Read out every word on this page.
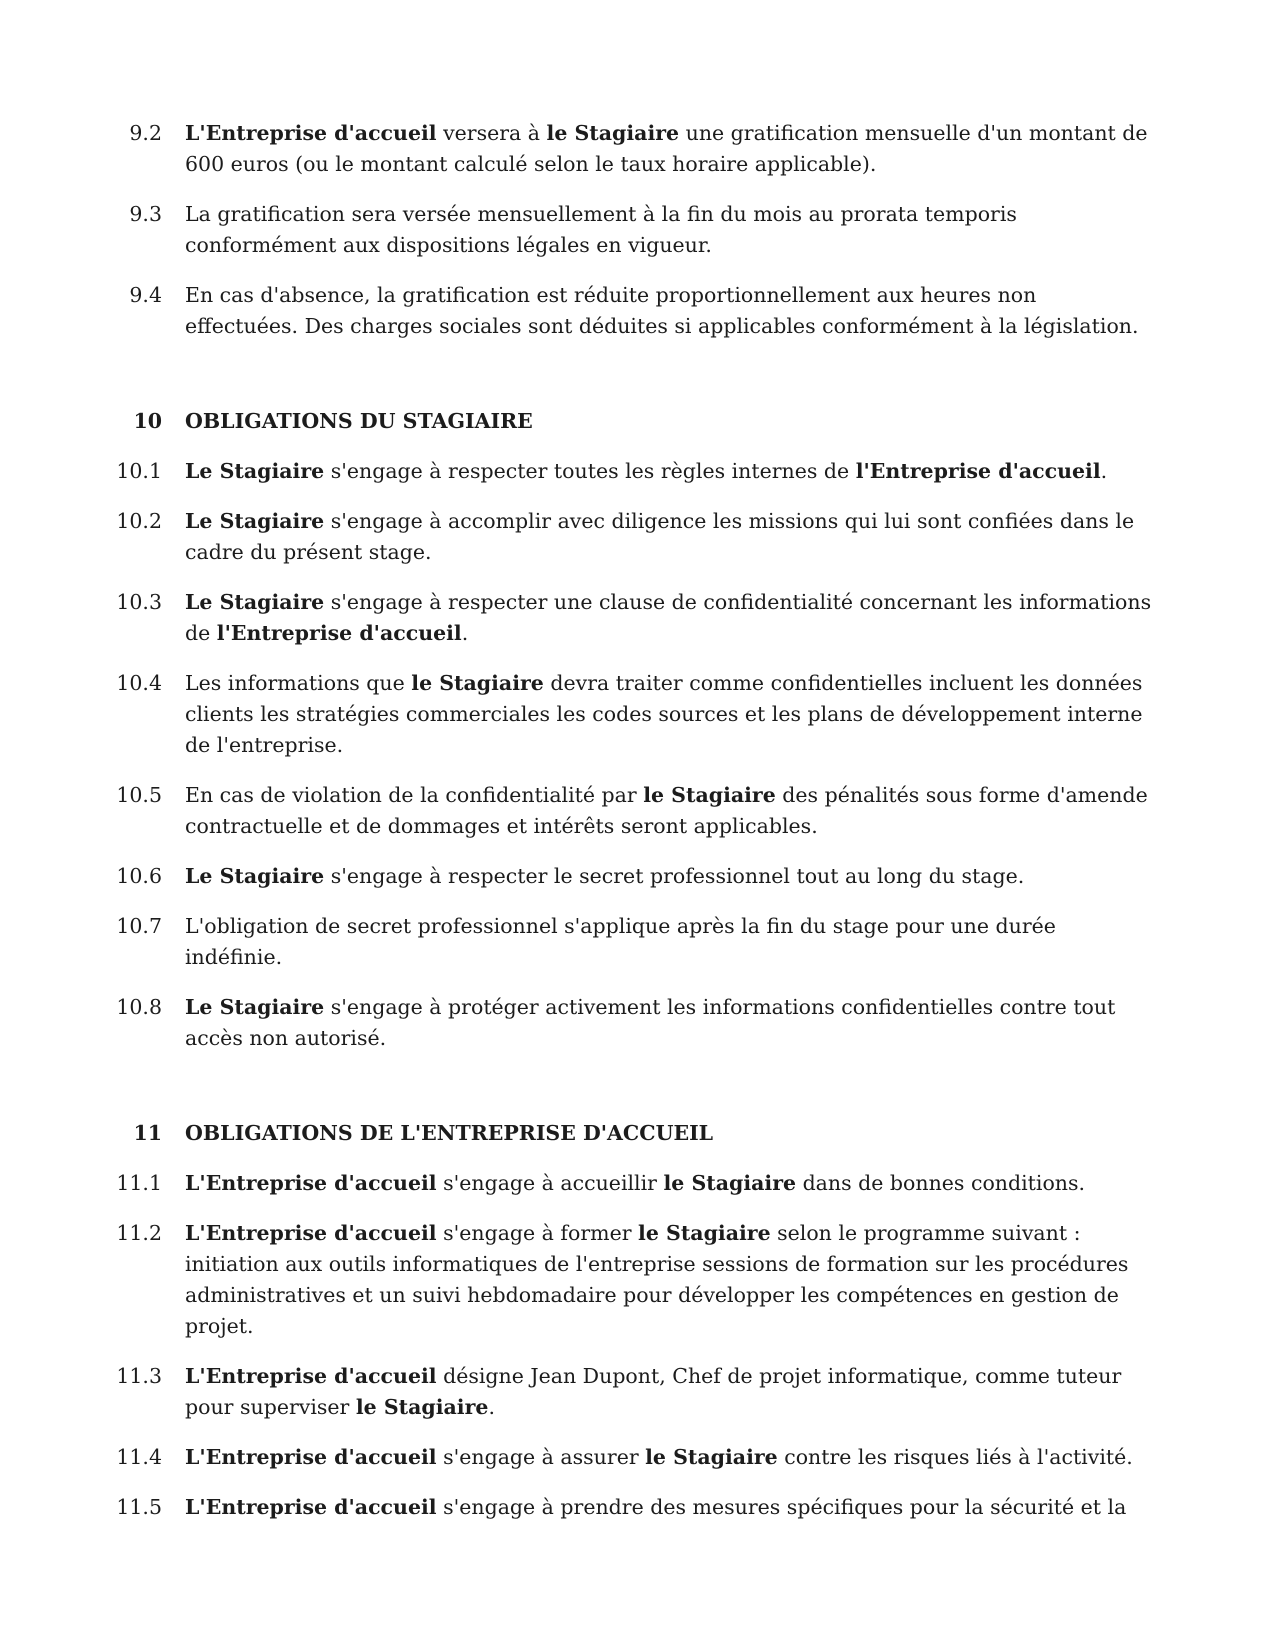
9.2	L'Entreprise d'accueil versera à le Stagiaire une gratification mensuelle d'un montant de 600 euros (ou le montant calculé selon le taux horaire applicable).
9.3	La gratification sera versée mensuellement à la fin du mois au prorata temporis conformément aux dispositions légales en vigueur.
9.4	En cas d'absence, la gratification est réduite proportionnellement aux heures non effectuées. Des charges sociales sont déduites si applicables conformément à la législation.
10	OBLIGATIONS DU STAGIAIRE
10.1	Le Stagiaire s'engage à respecter toutes les règles internes de l'Entreprise d'accueil.
10.2	Le Stagiaire s'engage à accomplir avec diligence les missions qui lui sont confiées dans le cadre du présent stage.
10.3	Le Stagiaire s'engage à respecter une clause de confidentialité concernant les informations de l'Entreprise d'accueil.
10.4	Les informations que le Stagiaire devra traiter comme confidentielles incluent les données clients les stratégies commerciales les codes sources et les plans de développement interne de l'entreprise.
10.5	En cas de violation de la confidentialité par le Stagiaire des pénalités sous forme d'amende contractuelle et de dommages et intérêts seront applicables.
10.6	Le Stagiaire s'engage à respecter le secret professionnel tout au long du stage.
10.7	L'obligation de secret professionnel s'applique après la fin du stage pour une durée indéfinie.
10.8	Le Stagiaire s'engage à protéger activement les informations confidentielles contre tout accès non autorisé.
11	OBLIGATIONS DE L'ENTREPRISE D'ACCUEIL
11.1	L'Entreprise d'accueil s'engage à accueillir le Stagiaire dans de bonnes conditions.
11.2	L'Entreprise d'accueil s'engage à former le Stagiaire selon le programme suivant : initiation aux outils informatiques de l'entreprise sessions de formation sur les procédures administratives et un suivi hebdomadaire pour développer les compétences en gestion de projet.
11.3	L'Entreprise d'accueil désigne Jean Dupont, Chef de projet informatique, comme tuteur pour superviser le Stagiaire.
11.4	L'Entreprise d'accueil s'engage à assurer le Stagiaire contre les risques liés à l'activité.
11.5	L'Entreprise d'accueil s'engage à prendre des mesures spécifiques pour la sécurité et la
